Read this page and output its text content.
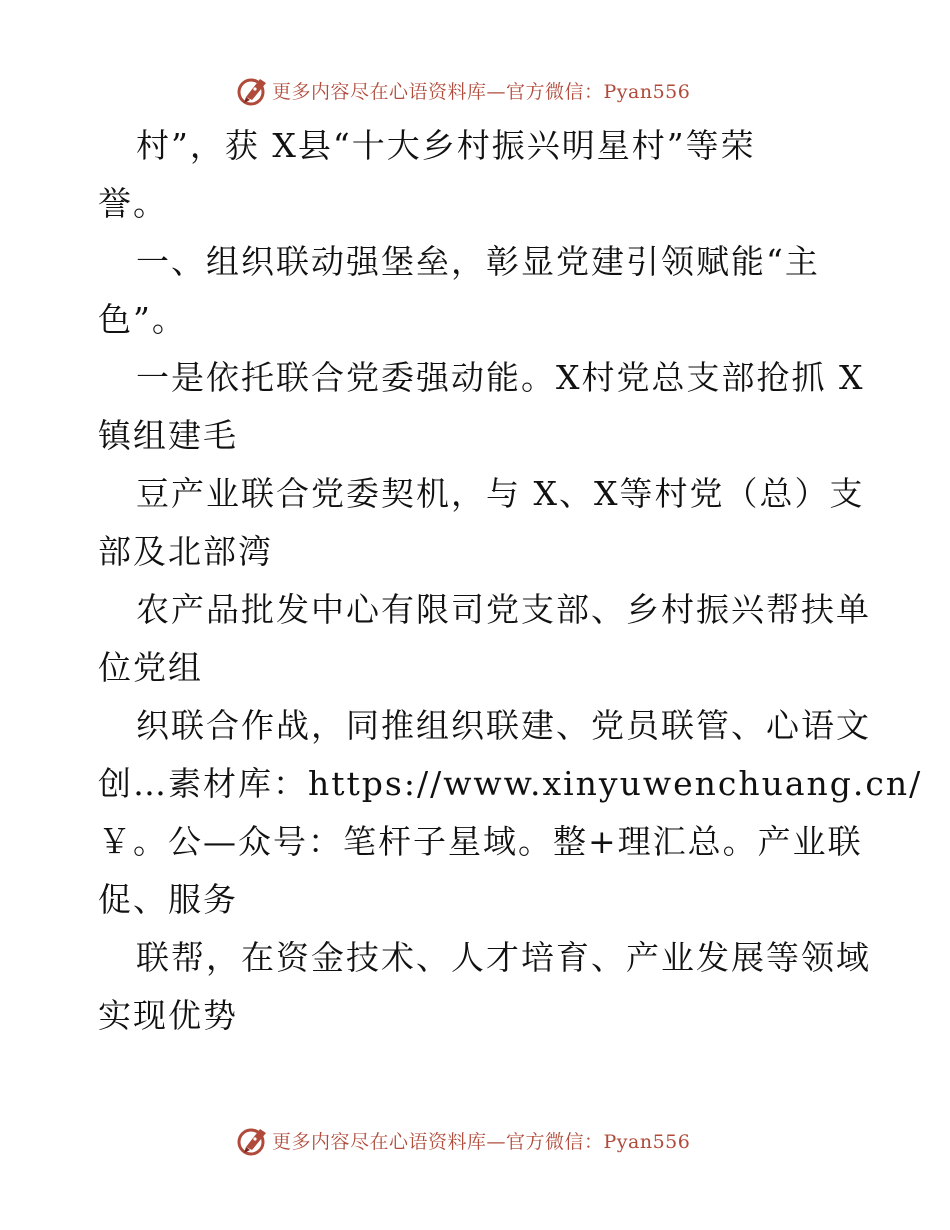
更多内容尽在心语资料库—官方微信：Pyan556
村”，获 X县“十大乡村振兴明星村”等荣
誉。
一、组织联动强堡垒，彰显党建引领赋能“主
色”。
一是依托联合党委强动能。X村党总支部抢抓 X
镇组建毛
豆产业联合党委契机，与 X、X等村党（总）支
部及北部湾
农产品批发中心有限司党支部、乡村振兴帮扶单
位党组
织联合作战，同推组织联建、党员联管、心语文
创…素材库：https://www.xinyuwenchuang.cn/
￥。公—众号：笔杆子星域。整+理汇总。产业联
促、服务
联帮，在资金技术、人才培育、产业发展等领域
实现优势
更多内容尽在心语资料库—官方微信：Pyan556
